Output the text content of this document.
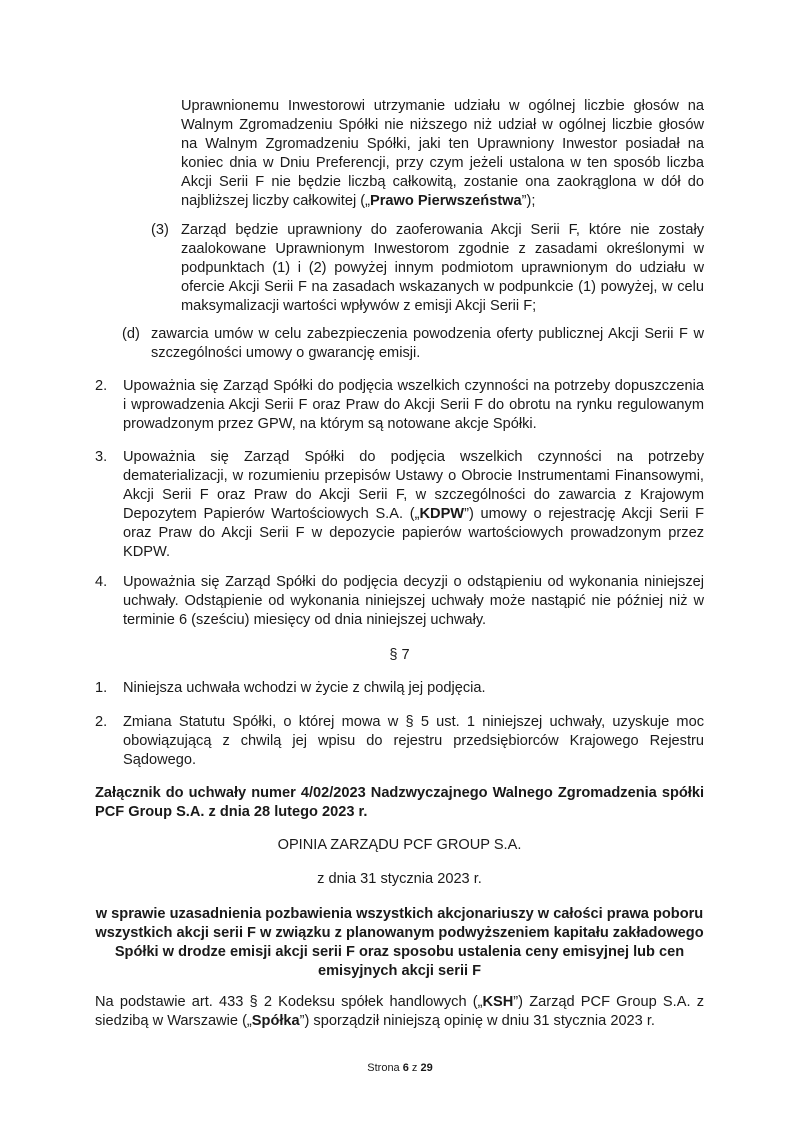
Uprawnionemu Inwestorowi utrzymanie udziału w ogólnej liczbie głosów na Walnym Zgromadzeniu Spółki nie niższego niż udział w ogólnej liczbie głosów na Walnym Zgromadzeniu Spółki, jaki ten Uprawniony Inwestor posiadał na koniec dnia w Dniu Preferencji, przy czym jeżeli ustalona w ten sposób liczba Akcji Serii F nie będzie liczbą całkowitą, zostanie ona zaokrąglona w dół do najbliższej liczby całkowitej („Prawo Pierwszeństwa”);

(3) Zarząd będzie uprawniony do zaoferowania Akcji Serii F, które nie zostały zaalokowane Uprawnionym Inwestorom zgodnie z zasadami określonymi w podpunktach (1) i (2) powyżej innym podmiotom uprawnionym do udziału w ofercie Akcji Serii F na zasadach wskazanych w podpunkcie (1) powyżej, w celu maksymalizacji wartości wpływów z emisji Akcji Serii F;

(d) zawarcia umów w celu zabezpieczenia powodzenia oferty publicznej Akcji Serii F w szczególności umowy o gwarancję emisji.

2. Upoważnia się Zarząd Spółki do podjęcia wszelkich czynności na potrzeby dopuszczenia i wprowadzenia Akcji Serii F oraz Praw do Akcji Serii F do obrotu na rynku regulowanym prowadzonym przez GPW, na którym są notowane akcje Spółki.

3. Upoważnia się Zarząd Spółki do podjęcia wszelkich czynności na potrzeby dematerializacji, w rozumieniu przepisów Ustawy o Obrocie Instrumentami Finansowymi, Akcji Serii F oraz Praw do Akcji Serii F, w szczególności do zawarcia z Krajowym Depozytem Papierów Wartościowych S.A. („KDPW”) umowy o rejestrację Akcji Serii F oraz Praw do Akcji Serii F w depozycie papierów wartościowych prowadzonym przez KDPW.

4. Upoważnia się Zarząd Spółki do podjęcia decyzji o odstąpieniu od wykonania niniejszej uchwały. Odstąpienie od wykonania niniejszej uchwały może nastąpić nie później niż w terminie 6 (sześciu) miesięcy od dnia niniejszej uchwały.

§ 7
1. Niniejsza uchwała wchodzi w życie z chwilą jej podjęcia.

2. Zmiana Statutu Spółki, o której mowa w § 5 ust. 1 niniejszej uchwały, uzyskuje moc obowiązującą z chwilą jej wpisu do rejestru przedsiębiorców Krajowego Rejestru Sądowego.

Załącznik do uchwały numer 4/02/2023 Nadzwyczajnego Walnego Zgromadzenia spółki PCF Group S.A. z dnia 28 lutego 2023 r.
OPINIA ZARZĄDU PCF GROUP S.A.
z dnia 31 stycznia 2023 r.
w sprawie uzasadnienia pozbawienia wszystkich akcjonariuszy w całości prawa poboru wszystkich akcji serii F w związku z planowanym podwyższeniem kapitału zakładowego Spółki w drodze emisji akcji serii F oraz sposobu ustalenia ceny emisyjnej lub cen emisyjnych akcji serii F

Na podstawie art. 433 § 2 Kodeksu spółek handlowych („KSH”) Zarząd PCF Group S.A. z siedzibą w Warszawie („Spółka”) sporządził niniejszą opinię w dniu 31 stycznia 2023 r.

Strona 6 z 29
